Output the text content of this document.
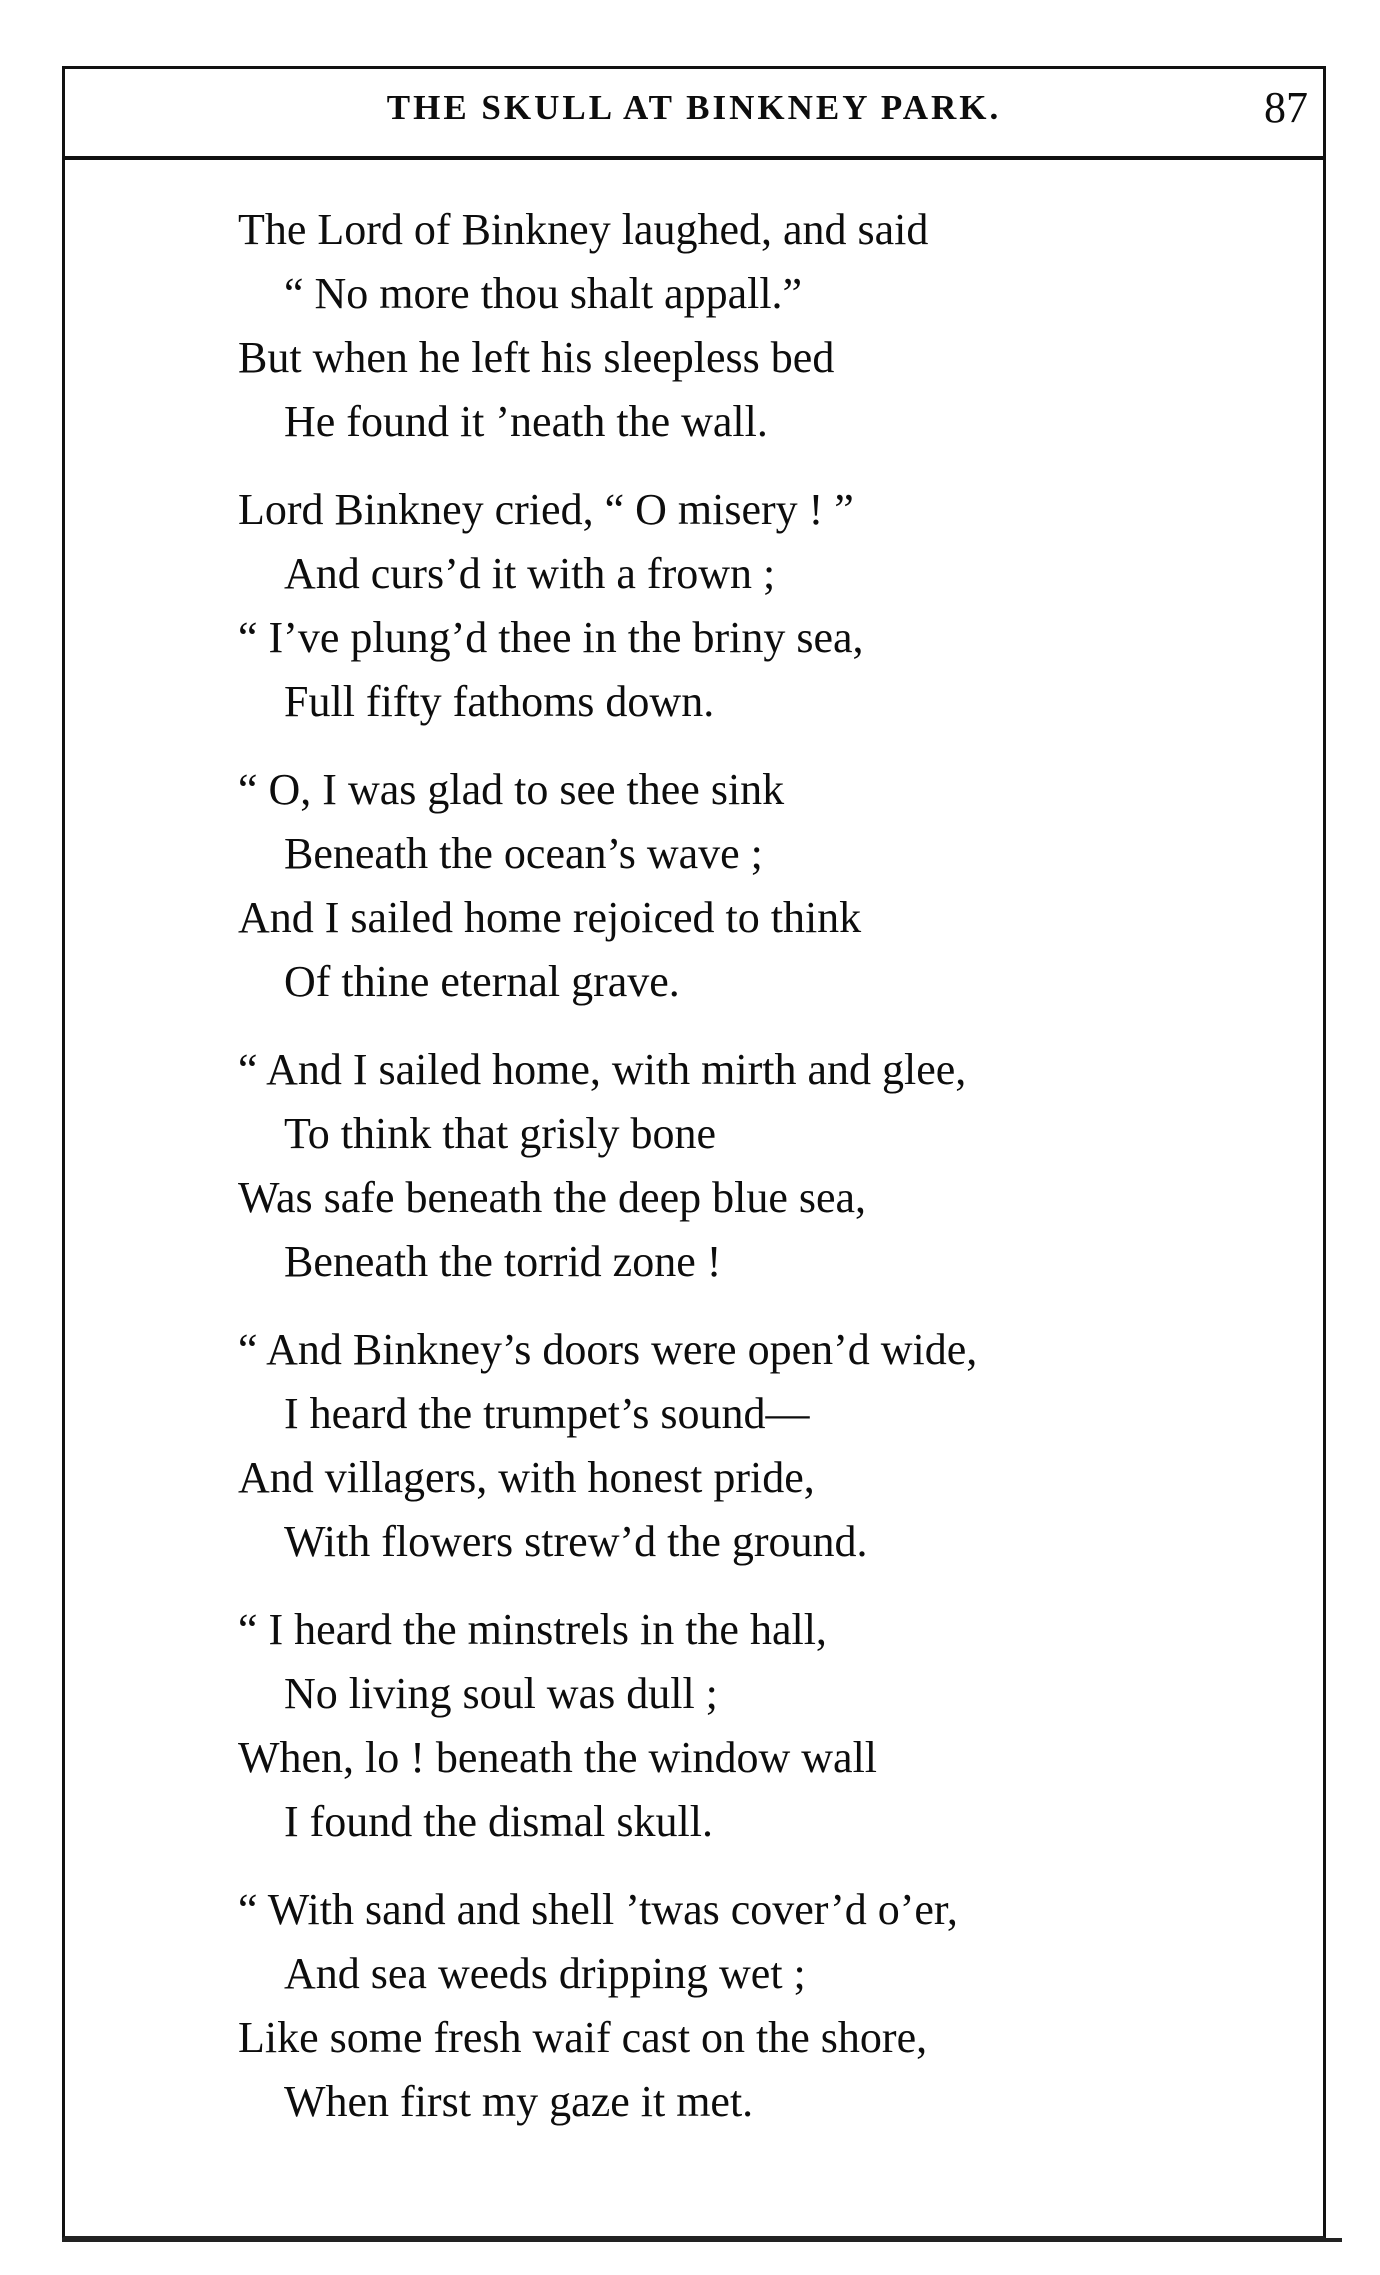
THE SKULL AT BINKNEY PARK.	87
The Lord of Binkney laughed, and said
“ No more thou shalt appall.”
But when he left his sleepless bed
He found it ’neath the wall.
Lord Binkney cried, “ O misery ! ”
And curs’d it with a frown ;
“ I’ve plung’d thee in the briny sea,
Full fifty fathoms down.
“ O, I was glad to see thee sink
Beneath the ocean’s wave ;
And I sailed home rejoiced to think
Of thine eternal grave.
“ And I sailed home, with mirth and glee,
To think that grisly bone
Was safe beneath the deep blue sea,
Beneath the torrid zone !
“ And Binkney’s doors were open’d wide,
I heard the trumpet’s sound—
And villagers, with honest pride,
With flowers strew’d the ground.
“ I heard the minstrels in the hall,
No living soul was dull ;
When, lo ! beneath the window wall
I found the dismal skull.
“ With sand and shell ’twas cover’d o’er,
And sea weeds dripping wet ;
Like some fresh waif cast on the shore,
When first my gaze it met.
